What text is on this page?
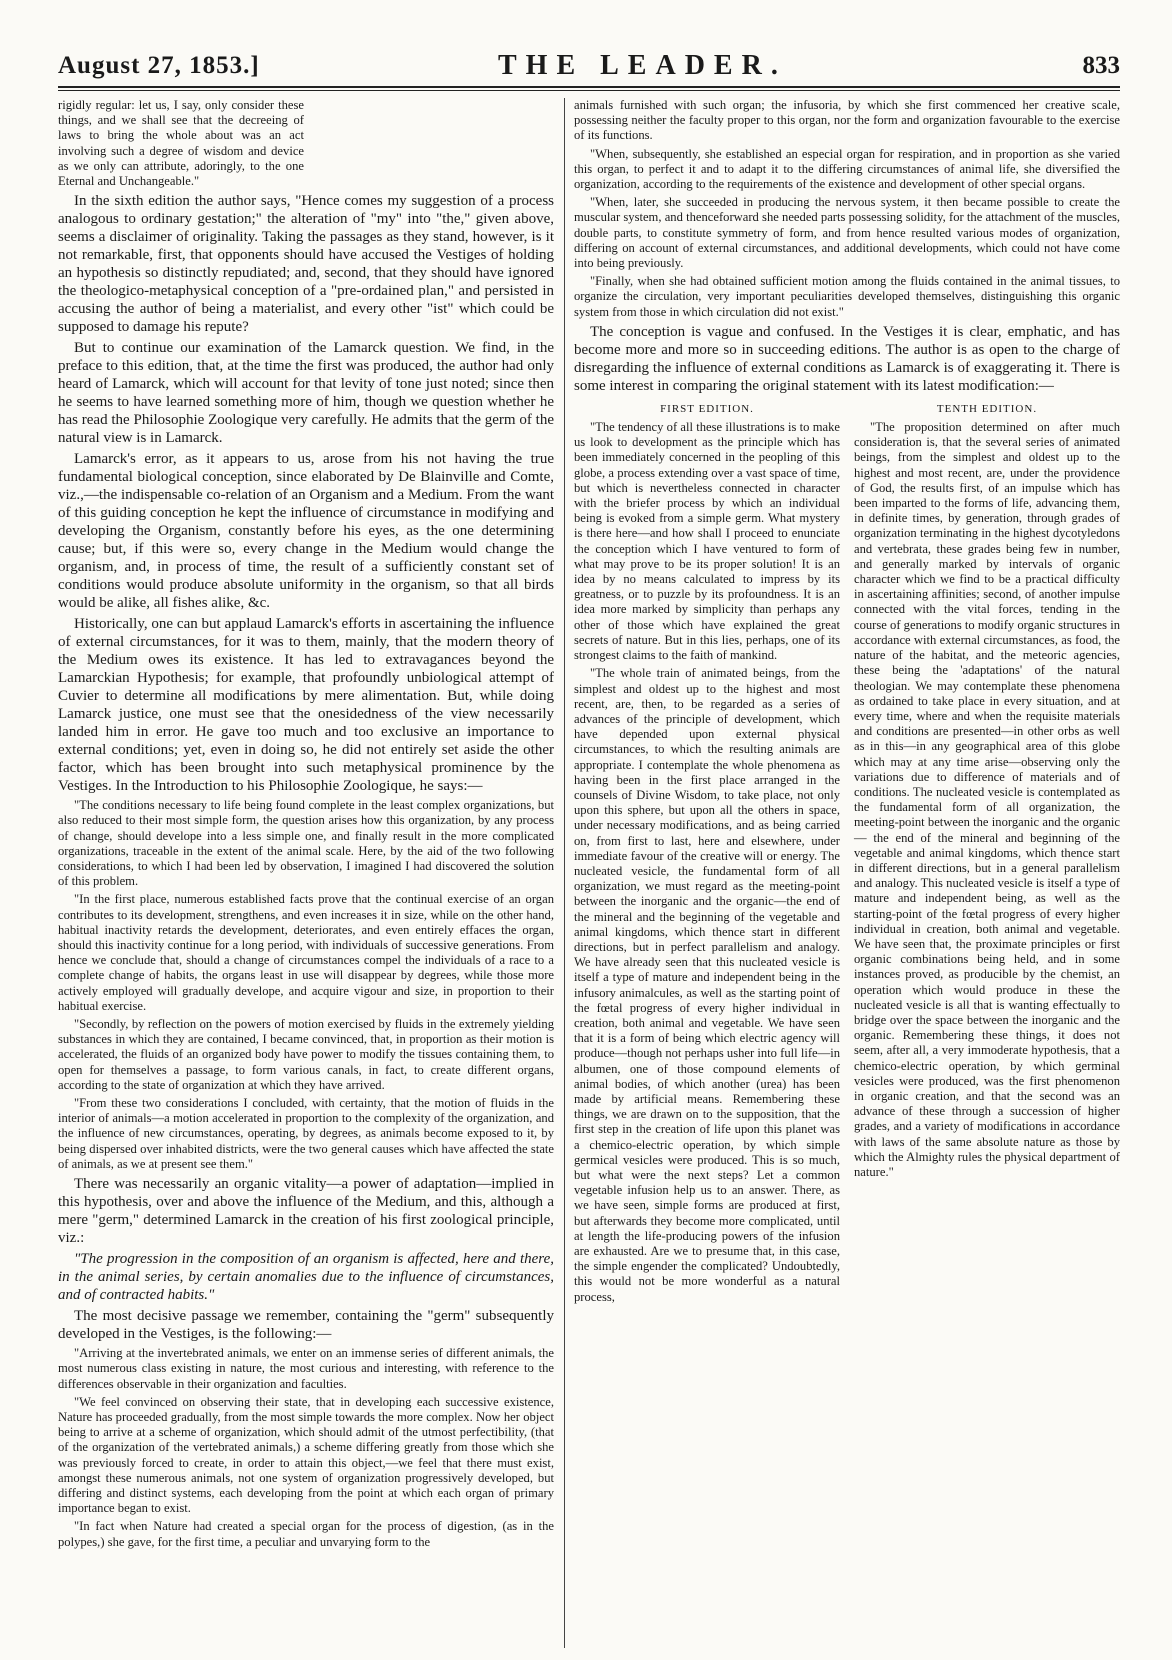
August 27, 1853.]	THE LEADER.	833

rigidly regular: let us, I say, only consider these things, and we shall see that the decreeing of laws to bring the whole about was an act involving such a degree of wisdom and device as we only can attribute, adoringly, to the one Eternal and Unchangeable."

In the sixth edition the author says, "Hence comes my suggestion of a process analogous to ordinary gestation;" the alteration of "my" into "the," given above, seems a disclaimer of originality. Taking the passages as they stand, however, is it not remarkable, first, that opponents should have accused the Vestiges of holding an hypothesis so distinctly repudiated; and, second, that they should have ignored the theologico-metaphysical conception of a "pre-ordained plan," and persisted in accusing the author of being a materialist, and every other "ist" which could be supposed to damage his repute?

But to continue our examination of the Lamarck question. We find, in the preface to this edition, that, at the time the first was produced, the author had only heard of Lamarck, which will account for that levity of tone just noted; since then he seems to have learned something more of him, though we question whether he has read the Philosophie Zoologique very carefully. He admits that the germ of the natural view is in Lamarck.

Lamarck's error, as it appears to us, arose from his not having the true fundamental biological conception, since elaborated by De Blainville and Comte, viz.,—the indispensable co-relation of an Organism and a Medium. From the want of this guiding conception he kept the influence of circumstance in modifying and developing the Organism, constantly before his eyes, as the one determining cause; but, if this were so, every change in the Medium would change the organism, and, in process of time, the result of a sufficiently constant set of conditions would produce absolute uniformity in the organism, so that all birds would be alike, all fishes alike, &c.

Historically, one can but applaud Lamarck's efforts in ascertaining the influence of external circumstances, for it was to them, mainly, that the modern theory of the Medium owes its existence. It has led to extravagances beyond the Lamarckian Hypothesis; for example, that profoundly unbiological attempt of Cuvier to determine all modifications by mere alimentation. But, while doing Lamarck justice, one must see that the onesidedness of the view necessarily landed him in error. He gave too much and too exclusive an importance to external conditions; yet, even in doing so, he did not entirely set aside the other factor, which has been brought into such metaphysical prominence by the Vestiges. In the Introduction to his Philosophie Zoologique, he says:—

"The conditions necessary to life being found complete in the least complex organizations, but also reduced to their most simple form, the question arises how this organization, by any process of change, should develope into a less simple one, and finally result in the more complicated organizations, traceable in the extent of the animal scale. Here, by the aid of the two following considerations, to which I had been led by observation, I imagined I had discovered the solution of this problem.

"In the first place, numerous established facts prove that the continual exercise of an organ contributes to its development, strengthens, and even increases it in size, while on the other hand, habitual inactivity retards the development, deteriorates, and even entirely effaces the organ, should this inactivity continue for a long period, with individuals of successive generations. From hence we conclude that, should a change of circumstances compel the individuals of a race to a complete change of habits, the organs least in use will disappear by degrees, while those more actively employed will gradually develope, and acquire vigour and size, in proportion to their habitual exercise.

"Secondly, by reflection on the powers of motion exercised by fluids in the extremely yielding substances in which they are contained, I became convinced, that, in proportion as their motion is accelerated, the fluids of an organized body have power to modify the tissues containing them, to open for themselves a passage, to form various canals, in fact, to create different organs, according to the state of organization at which they have arrived.

"From these two considerations I concluded, with certainty, that the motion of fluids in the interior of animals—a motion accelerated in proportion to the complexity of the organization, and the influence of new circumstances, operating, by degrees, as animals become exposed to it, by being dispersed over inhabited districts, were the two general causes which have affected the state of animals, as we at present see them."

There was necessarily an organic vitality—a power of adaptation—implied in this hypothesis, over and above the influence of the Medium, and this, although a mere "germ," determined Lamarck in the creation of his first zoological principle, viz.:

"The progression in the composition of an organism is affected, here and there, in the animal series, by certain anomalies due to the influence of circumstances, and of contracted habits."

The most decisive passage we remember, containing the "germ" subsequently developed in the Vestiges, is the following:—

"Arriving at the invertebrated animals, we enter on an immense series of different animals, the most numerous class existing in nature, the most curious and interesting, with reference to the differences observable in their organization and faculties.

"We feel convinced on observing their state, that in developing each successive existence, Nature has proceeded gradually, from the most simple towards the more complex. Now her object being to arrive at a scheme of organization, which should admit of the utmost perfectibility, (that of the organization of the vertebrated animals,) a scheme differing greatly from those which she was previously forced to create, in order to attain this object,—we feel that there must exist, amongst these numerous animals, not one system of organization progressively developed, but differing and distinct systems, each developing from the point at which each organ of primary importance began to exist.

"In fact when Nature had created a special organ for the process of digestion, (as in the polypes,) she gave, for the first time, a peculiar and unvarying form to the

animals furnished with such organ; the infusoria, by which she first commenced her creative scale, possessing neither the faculty proper to this organ, nor the form and organization favourable to the exercise of its functions.

"When, subsequently, she established an especial organ for respiration, and in proportion as she varied this organ, to perfect it and to adapt it to the differing circumstances of animal life, she diversified the organization, according to the requirements of the existence and development of other special organs.

"When, later, she succeeded in producing the nervous system, it then became possible to create the muscular system, and thenceforward she needed parts possessing solidity, for the attachment of the muscles, double parts, to constitute symmetry of form, and from hence resulted various modes of organization, differing on account of external circumstances, and additional developments, which could not have come into being previously.

"Finally, when she had obtained sufficient motion among the fluids contained in the animal tissues, to organize the circulation, very important peculiarities developed themselves, distinguishing this organic system from those in which circulation did not exist."

The conception is vague and confused. In the Vestiges it is clear, emphatic, and has become more and more so in succeeding editions. The author is as open to the charge of disregarding the influence of external conditions as Lamarck is of exaggerating it. There is some interest in comparing the original statement with its latest modification:—

FIRST EDITION.

"The tendency of all these illustrations is to make us look to development as the principle which has been immediately concerned in the peopling of this globe, a process extending over a vast space of time, but which is nevertheless connected in character with the briefer process by which an individual being is evoked from a simple germ. What mystery is there here—and how shall I proceed to enunciate the conception which I have ventured to form of what may prove to be its proper solution! It is an idea by no means calculated to impress by its greatness, or to puzzle by its profoundness. It is an idea more marked by simplicity than perhaps any other of those which have explained the great secrets of nature. But in this lies, perhaps, one of its strongest claims to the faith of mankind.

"The whole train of animated beings, from the simplest and oldest up to the highest and most recent, are, then, to be regarded as a series of advances of the principle of development, which have depended upon external physical circumstances, to which the resulting animals are appropriate. I contemplate the whole phenomena as having been in the first place arranged in the counsels of Divine Wisdom, to take place, not only upon this sphere, but upon all the others in space, under necessary modifications, and as being carried on, from first to last, here and elsewhere, under immediate favour of the creative will or energy. The nucleated vesicle, the fundamental form of all organization, we must regard as the meeting-point between the inorganic and the organic—the end of the mineral and the beginning of the vegetable and animal kingdoms, which thence start in different directions, but in perfect parallelism and analogy. We have already seen that this nucleated vesicle is itself a type of mature and independent being in the infusory animalcules, as well as the starting point of the fœtal progress of every higher individual in creation, both animal and vegetable. We have seen that it is a form of being which electric agency will produce—though not perhaps usher into full life—in albumen, one of those compound elements of animal bodies, of which another (urea) has been made by artificial means. Remembering these things, we are drawn on to the supposition, that the first step in the creation of life upon this planet was a chemico-electric operation, by which simple germical vesicles were produced. This is so much, but what were the next steps? Let a common vegetable infusion help us to an answer. There, as we have seen, simple forms are produced at first, but afterwards they become more complicated, until at length the life-producing powers of the infusion are exhausted. Are we to presume that, in this case, the simple engender the complicated? Undoubtedly, this would not be more wonderful as a natural process,

TENTH EDITION.

"The proposition determined on after much consideration is, that the several series of animated beings, from the simplest and oldest up to the highest and most recent, are, under the providence of God, the results first, of an impulse which has been imparted to the forms of life, advancing them, in definite times, by generation, through grades of organization terminating in the highest dycotyledons and vertebrata, these grades being few in number, and generally marked by intervals of organic character which we find to be a practical difficulty in ascertaining affinities; second, of another impulse connected with the vital forces, tending in the course of generations to modify organic structures in accordance with external circumstances, as food, the nature of the habitat, and the meteoric agencies, these being the 'adaptations' of the natural theologian. We may contemplate these phenomena as ordained to take place in every situation, and at every time, where and when the requisite materials and conditions are presented—in other orbs as well as in this—in any geographical area of this globe which may at any time arise—observing only the variations due to difference of materials and of conditions. The nucleated vesicle is contemplated as the fundamental form of all organization, the meeting-point between the inorganic and the organic — the end of the mineral and beginning of the vegetable and animal kingdoms, which thence start in different directions, but in a general parallelism and analogy. This nucleated vesicle is itself a type of mature and independent being, as well as the starting-point of the fœtal progress of every higher individual in creation, both animal and vegetable. We have seen that, the proximate principles or first organic combinations being held, and in some instances proved, as producible by the chemist, an operation which would produce in these the nucleated vesicle is all that is wanting effectually to bridge over the space between the inorganic and the organic. Remembering these things, it does not seem, after all, a very immoderate hypothesis, that a chemico-electric operation, by which germinal vesicles were produced, was the first phenomenon in organic creation, and that the second was an advance of these through a succession of higher grades, and a variety of modifications in accordance with laws of the same absolute nature as those by which the Almighty rules the physical department of nature."
